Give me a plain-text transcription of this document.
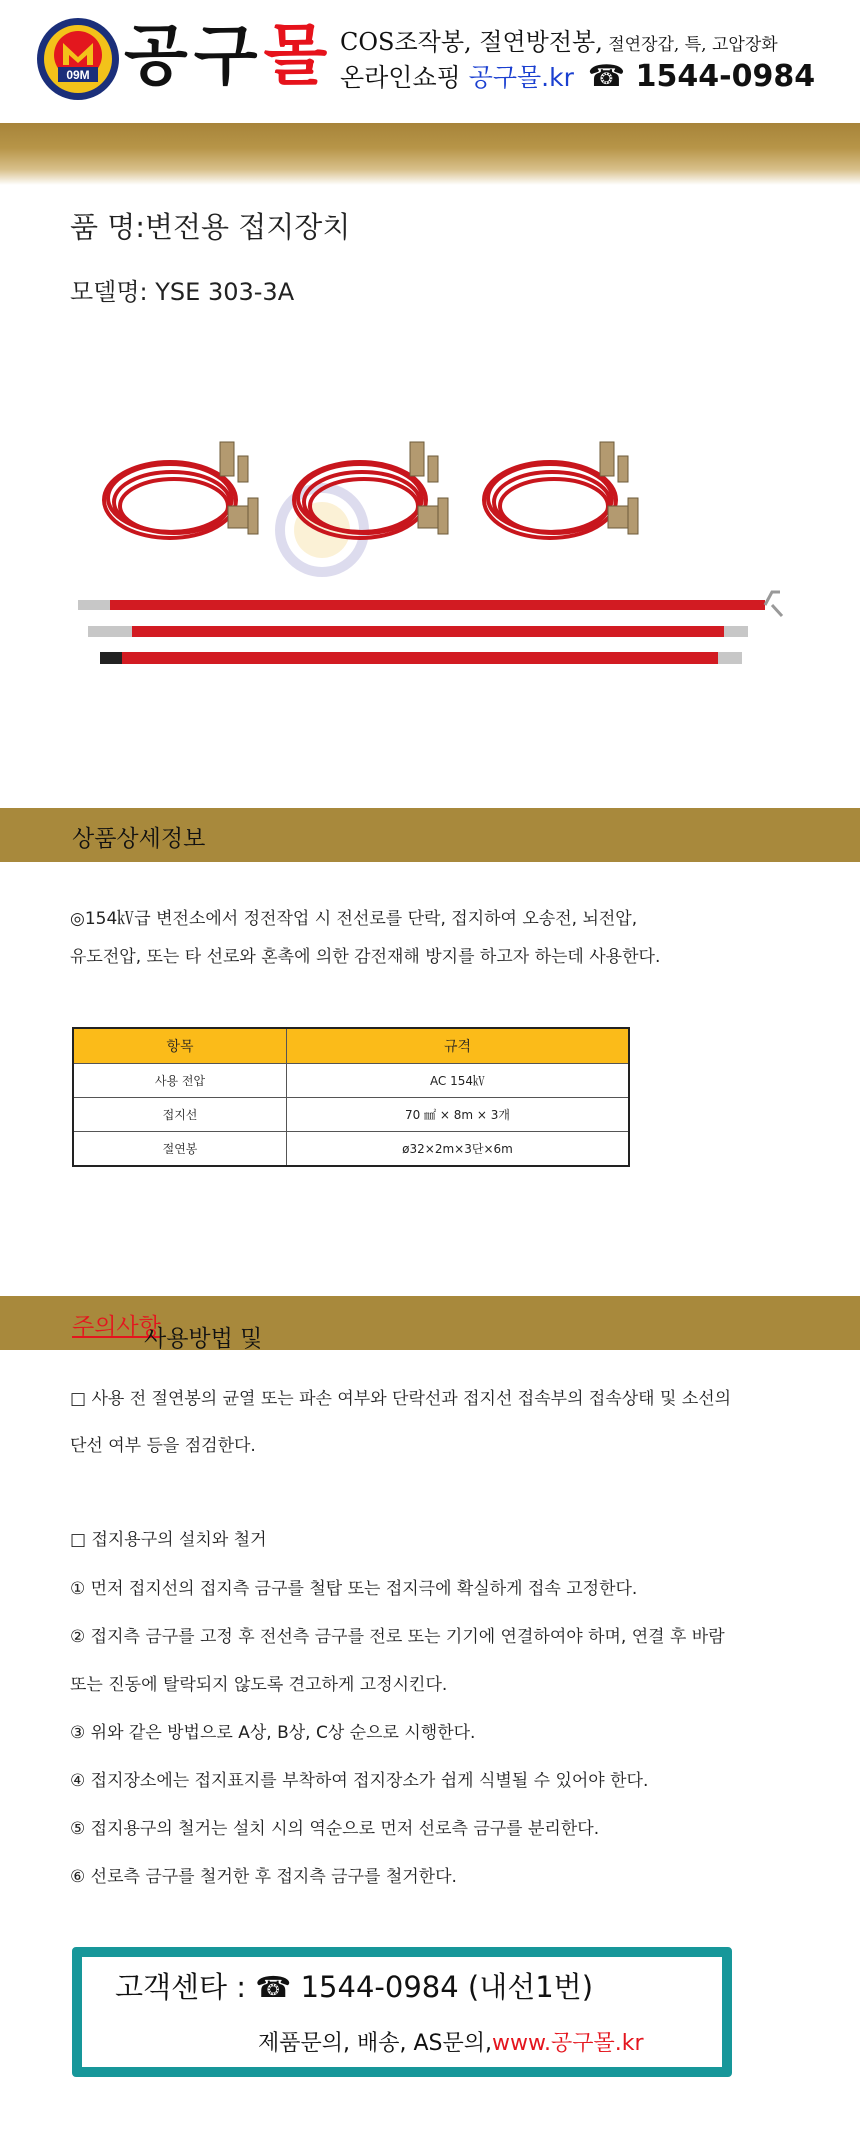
09M 공구몰 COS조작봉, 절연방전봉, 절연장갑, 특, 고압장화
온라인쇼핑 공구몰.kr ☎ 1544-0984
품 명:변전용 접지장치
모델명: YSE 303-3A
상품상세정보
◎154㎸급 변전소에서 정전작업 시 전선로를 단락, 접지하여 오송전, 뇌전압,
유도전압, 또는 타 선로와 혼촉에 의한 감전재해 방지를 하고자 하는데 사용한다.
항목	규격
사용 전압	AC 154㎸
접지선	70 ㎟ × 8m × 3개
절연봉	ø32×2m×3단×6m
사용방법 및
주의사항
□ 사용 전 절연봉의 균열 또는 파손 여부와 단락선과 접지선 접속부의 접속상태 및 소선의
단선 여부 등을 점검한다.
□ 접지용구의 설치와 철거
① 먼저 접지선의 접지측 금구를 철탑 또는 접지극에 확실하게 접속 고정한다.
② 접지측 금구를 고정 후 전선측 금구를 전로 또는 기기에 연결하여야 하며, 연결 후 바람
또는 진동에 탈락되지 않도록 견고하게 고정시킨다.
③ 위와 같은 방법으로 A상, B상, C상 순으로 시행한다.
④ 접지장소에는 접지표지를 부착하여 접지장소가 쉽게 식별될 수 있어야 한다.
⑤ 접지용구의 철거는 설치 시의 역순으로 먼저 선로측 금구를 분리한다.
⑥ 선로측 금구를 철거한 후 접지측 금구를 철거한다.
고객센타 : ☎ 1544-0984 (내선1번)
제품문의, 배송, AS문의,www.공구몰.kr
